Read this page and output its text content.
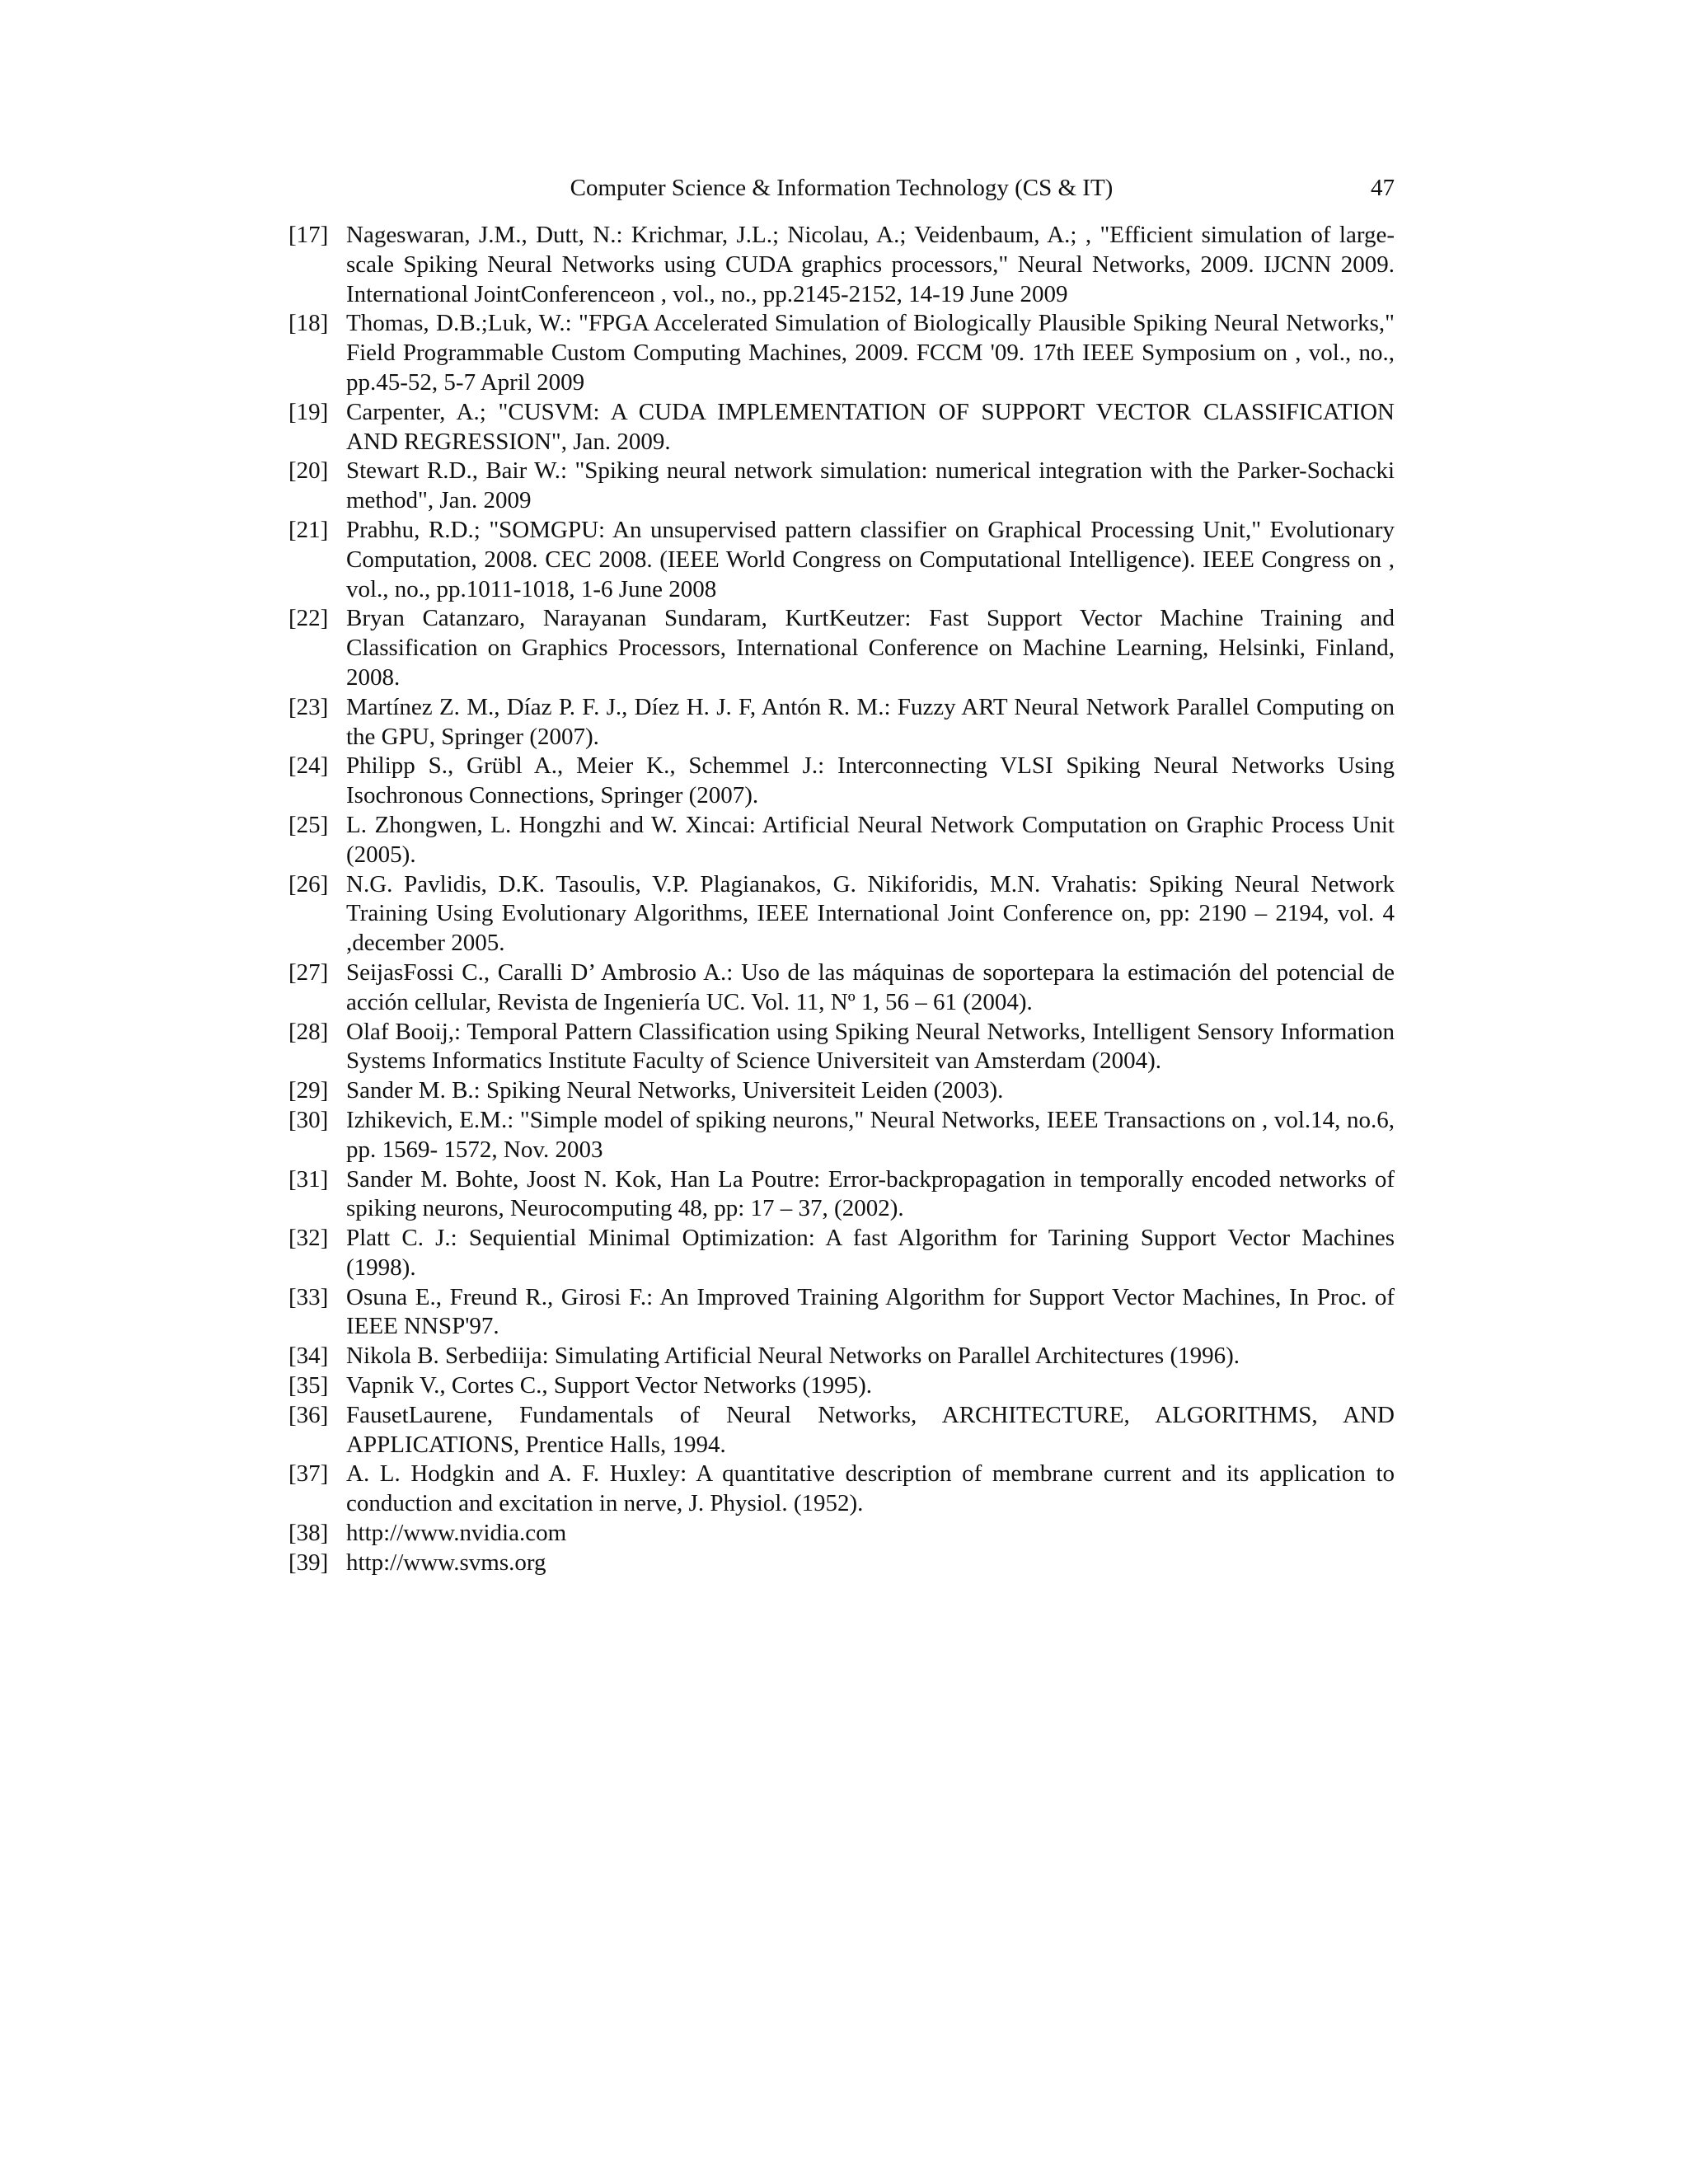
Computer Science & Information Technology (CS & IT)	47
[17] Nageswaran, J.M., Dutt, N.: Krichmar, J.L.; Nicolau, A.; Veidenbaum, A.; , "Efficient simulation of large-scale Spiking Neural Networks using CUDA graphics processors," Neural Networks, 2009. IJCNN 2009. International JointConferenceon , vol., no., pp.2145-2152, 14-19 June 2009
[18] Thomas, D.B.;Luk, W.: "FPGA Accelerated Simulation of Biologically Plausible Spiking Neural Networks," Field Programmable Custom Computing Machines, 2009. FCCM '09. 17th IEEE Symposium on , vol., no., pp.45-52, 5-7 April 2009
[19] Carpenter, A.; "CUSVM: A CUDA IMPLEMENTATION OF SUPPORT VECTOR CLASSIFICATION AND REGRESSION", Jan. 2009.
[20] Stewart R.D., Bair W.: "Spiking neural network simulation: numerical integration with the Parker-Sochacki method", Jan. 2009
[21] Prabhu, R.D.; "SOMGPU: An unsupervised pattern classifier on Graphical Processing Unit," Evolutionary Computation, 2008. CEC 2008. (IEEE World Congress on Computational Intelligence). IEEE Congress on , vol., no., pp.1011-1018, 1-6 June 2008
[22] Bryan Catanzaro, Narayanan Sundaram, KurtKeutzer: Fast Support Vector Machine Training and Classification on Graphics Processors, International Conference on Machine Learning, Helsinki, Finland, 2008.
[23] Martínez Z. M., Díaz P. F. J., Díez H. J. F, Antón R. M.: Fuzzy ART Neural Network Parallel Computing on the GPU, Springer (2007).
[24] Philipp S., Grübl A., Meier K., Schemmel J.: Interconnecting VLSI Spiking Neural Networks Using Isochronous Connections, Springer (2007).
[25] L. Zhongwen, L. Hongzhi and W. Xincai: Artificial Neural Network Computation on Graphic Process Unit (2005).
[26] N.G. Pavlidis, D.K. Tasoulis, V.P. Plagianakos, G. Nikiforidis, M.N. Vrahatis: Spiking Neural Network Training Using Evolutionary Algorithms, IEEE International Joint Conference on, pp: 2190 – 2194, vol. 4 ,december 2005.
[27] SeijasFossi C., Caralli D’ Ambrosio A.: Uso de las máquinas de soportepara la estimación del potencial de acción cellular, Revista de Ingeniería UC. Vol. 11, Nº 1, 56 – 61 (2004).
[28] Olaf Booij,: Temporal Pattern Classification using Spiking Neural Networks, Intelligent Sensory Information Systems Informatics Institute Faculty of Science Universiteit van Amsterdam (2004).
[29] Sander M. B.: Spiking Neural Networks, Universiteit Leiden (2003).
[30] Izhikevich, E.M.: "Simple model of spiking neurons," Neural Networks, IEEE Transactions on , vol.14, no.6, pp. 1569- 1572, Nov. 2003
[31] Sander M. Bohte, Joost N. Kok, Han La Poutre: Error-backpropagation in temporally encoded networks of spiking neurons, Neurocomputing 48, pp: 17 – 37, (2002).
[32] Platt C. J.: Sequiential Minimal Optimization: A fast Algorithm for Tarining Support Vector Machines (1998).
[33] Osuna E., Freund R., Girosi F.: An Improved Training Algorithm for Support Vector Machines, In Proc. of IEEE NNSP'97.
[34] Nikola B. Serbediija: Simulating Artificial Neural Networks on Parallel Architectures (1996).
[35] Vapnik V., Cortes C., Support Vector Networks (1995).
[36] FausetLaurene, Fundamentals of Neural Networks, ARCHITECTURE, ALGORITHMS, AND APPLICATIONS, Prentice Halls, 1994.
[37] A. L. Hodgkin and A. F. Huxley: A quantitative description of membrane current and its application to conduction and excitation in nerve, J. Physiol. (1952).
[38] http://www.nvidia.com
[39] http://www.svms.org
